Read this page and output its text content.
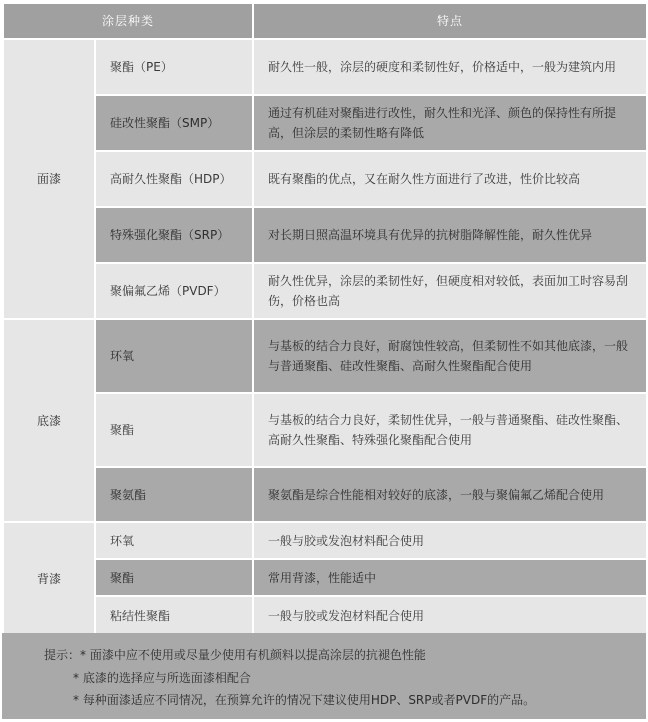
涂层种类		特点
面漆	聚酯（PE）	耐久性一般，涂层的硬度和柔韧性好，价格适中，一般为建筑内用
	硅改性聚酯（SMP）	通过有机硅对聚酯进行改性，耐久性和光泽、颜色的保持性有所提高，但涂层的柔韧性略有降低
	高耐久性聚酯（HDP）	既有聚酯的优点，又在耐久性方面进行了改进，性价比较高
	特殊强化聚酯（SRP）	对长期日照高温环境具有优异的抗树脂降解性能，耐久性优异
	聚偏氟乙烯（PVDF）	耐久性优异，涂层的柔韧性好，但硬度相对较低，表面加工时容易刮伤，价格也高
底漆	环氧	与基板的结合力良好，耐腐蚀性较高，但柔韧性不如其他底漆，一般与普通聚酯、硅改性聚酯、高耐久性聚酯配合使用
	聚酯	与基板的结合力良好，柔韧性优异，一般与普通聚酯、硅改性聚酯、高耐久性聚酯、特殊强化聚酯配合使用
	聚氨酯	聚氨酯是综合性能相对较好的底漆，一般与聚偏氟乙烯配合使用
背漆	环氧	一般与胶或发泡材料配合使用
	聚酯	常用背漆，性能适中
	粘结性聚酯	一般与胶或发泡材料配合使用
提示：* 面漆中应不使用或尽量少使用有机颜料以提高涂层的抗褪色性能
* 底漆的选择应与所选面漆相配合
* 每种面漆适应不同情况，在预算允许的情况下建议使用HDP、SRP或者PVDF的产品。
